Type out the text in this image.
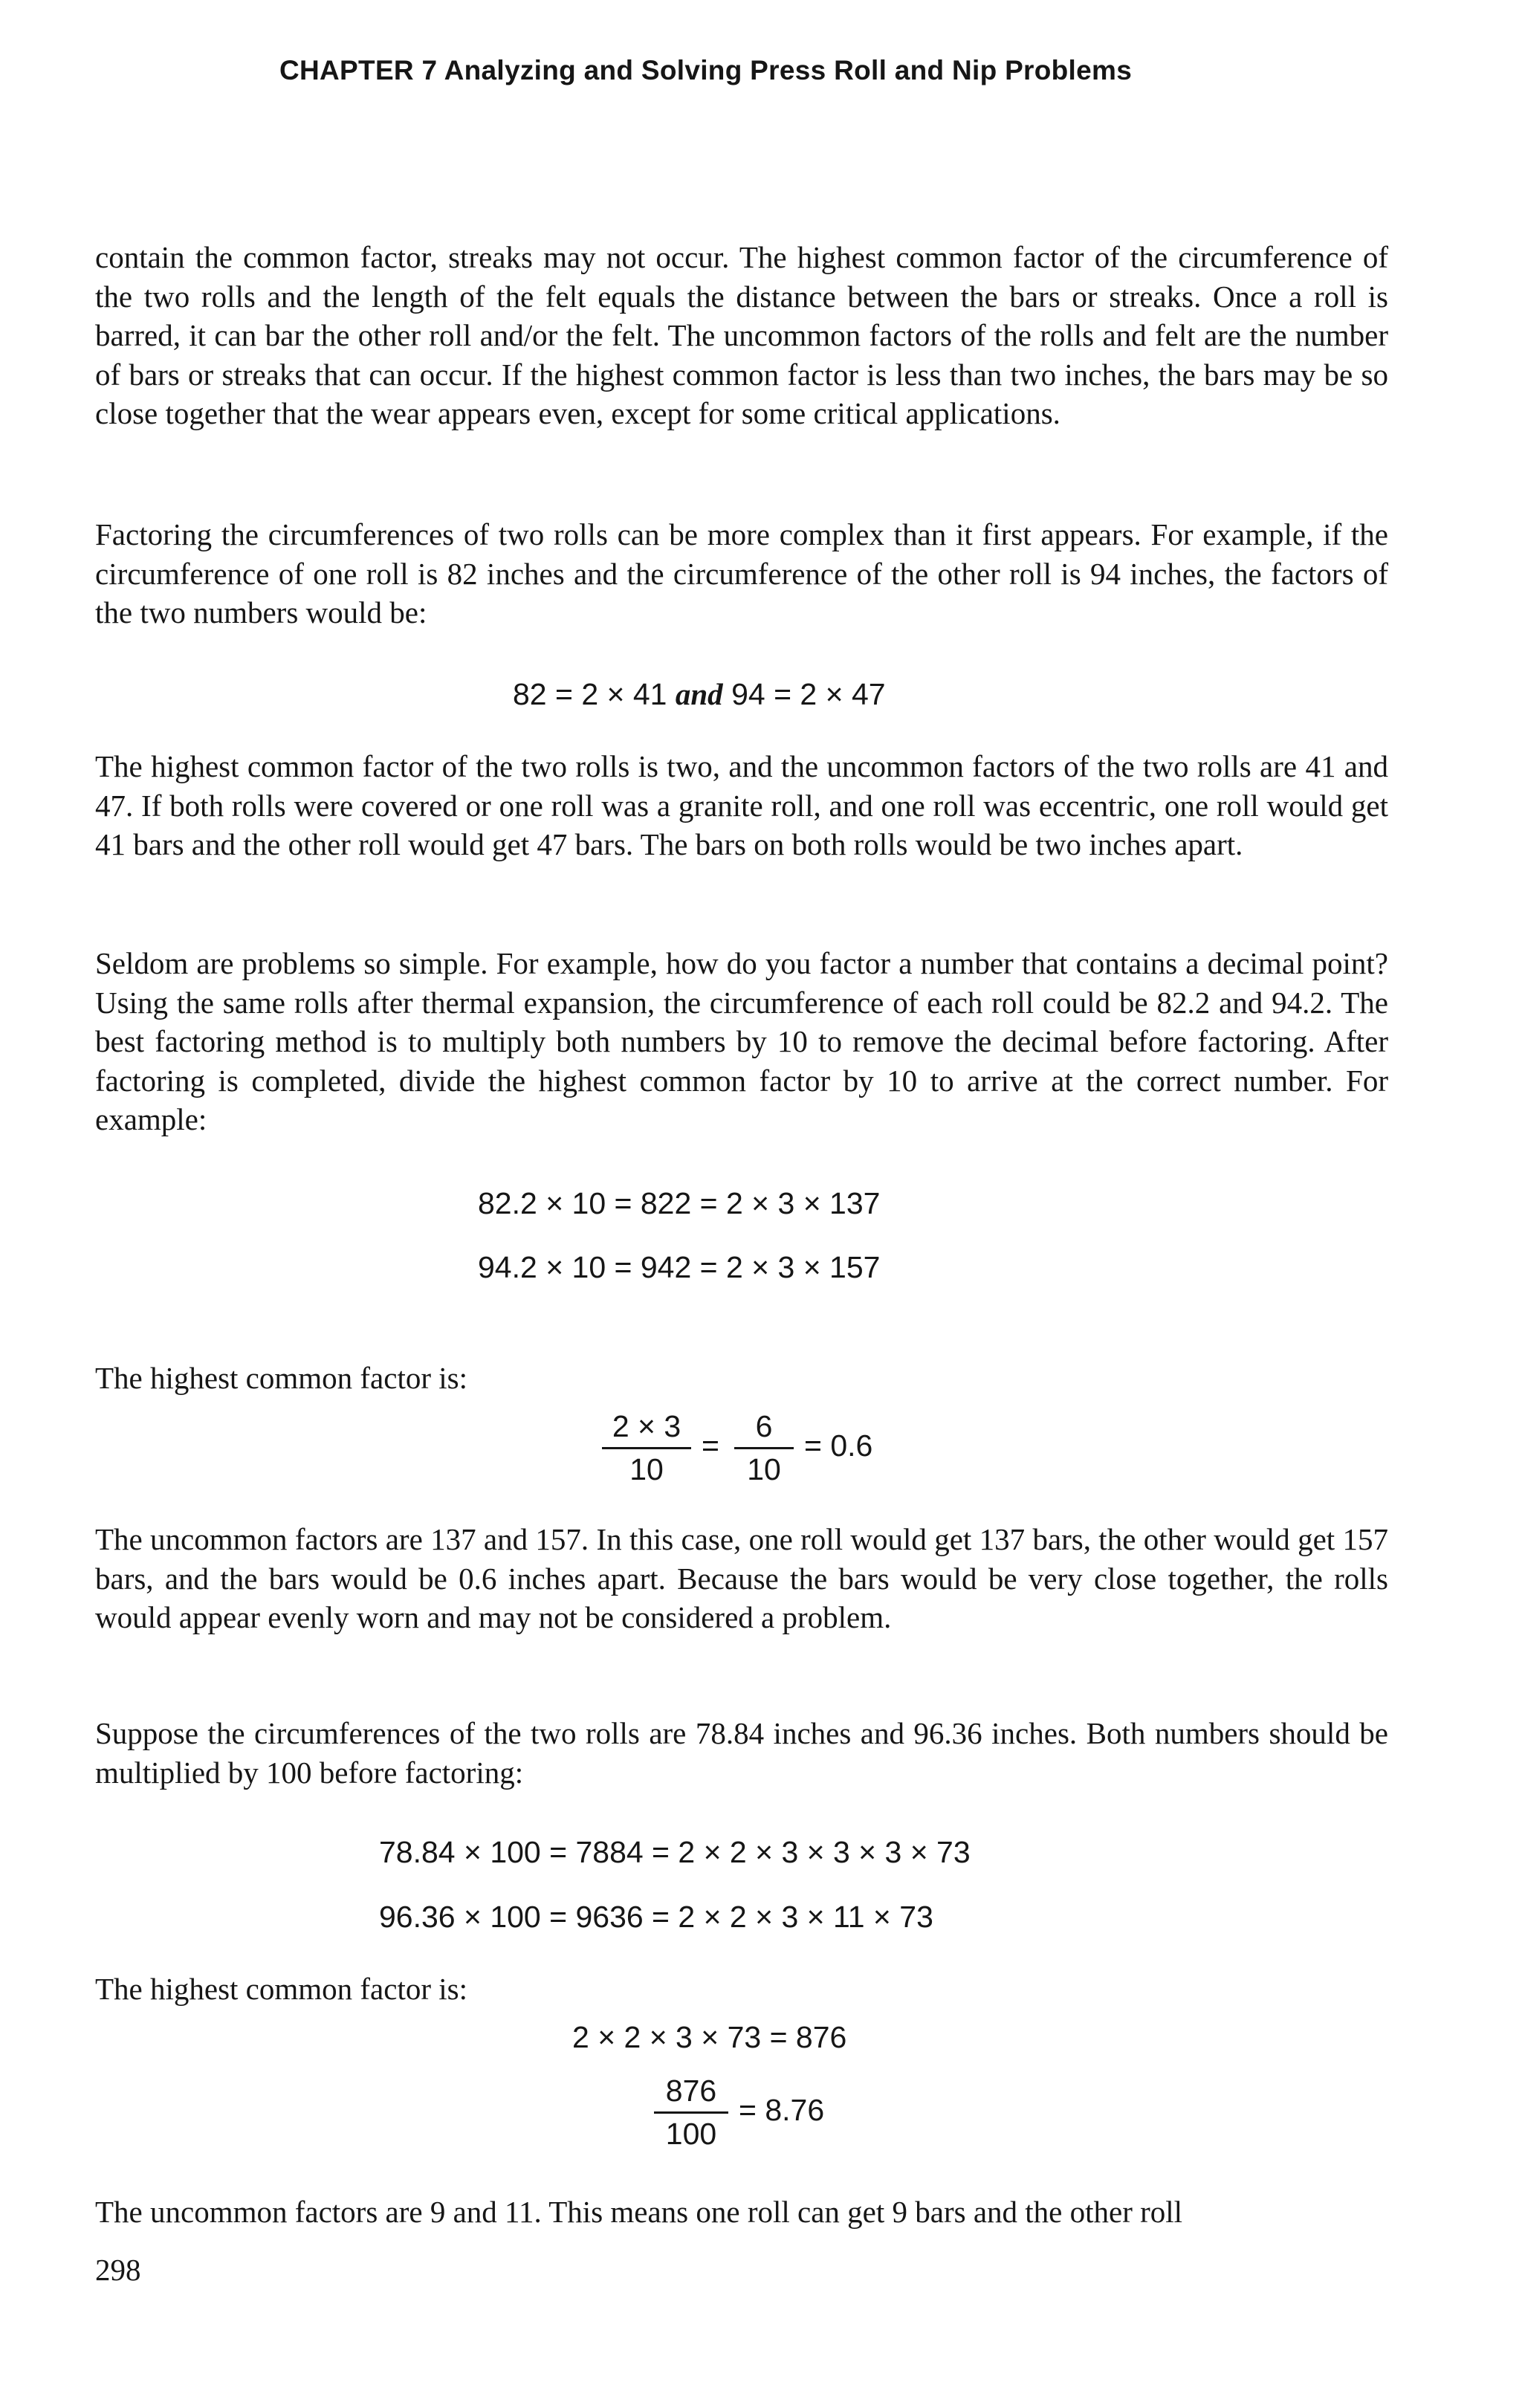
CHAPTER 7 Analyzing and Solving Press Roll and Nip Problems

contain the common factor, streaks may not occur. The highest common factor of the circumference of the two rolls and the length of the felt equals the distance between the bars or streaks. Once a roll is barred, it can bar the other roll and/or the felt. The uncommon factors of the rolls and felt are the number of bars or streaks that can occur. If the highest common factor is less than two inches, the bars may be so close together that the wear appears even, except for some critical applications.

Factoring the circumferences of two rolls can be more complex than it first appears. For example, if the circumference of one roll is 82 inches and the circumference of the other roll is 94 inches, the factors of the two numbers would be:

82 = 2 × 41 and 94 = 2 × 47

The highest common factor of the two rolls is two, and the uncommon factors of the two rolls are 41 and 47. If both rolls were covered or one roll was a granite roll, and one roll was eccentric, one roll would get 41 bars and the other roll would get 47 bars. The bars on both rolls would be two inches apart.

Seldom are problems so simple. For example, how do you factor a number that contains a decimal point? Using the same rolls after thermal expansion, the circumference of each roll could be 82.2 and 94.2. The best factoring method is to multiply both numbers by 10 to remove the decimal before factoring. After factoring is completed, divide the highest common factor by 10 to arrive at the correct number. For example:

82.2 × 10 = 822 = 2 × 3 × 137
94.2 × 10 = 942 = 2 × 3 × 157

The highest common factor is:

2 × 3
10
=
6
10
= 0.6

The uncommon factors are 137 and 157. In this case, one roll would get 137 bars, the other would get 157 bars, and the bars would be 0.6 inches apart. Because the bars would be very close together, the rolls would appear evenly worn and may not be considered a problem.

Suppose the circumferences of the two rolls are 78.84 inches and 96.36 inches. Both numbers should be multiplied by 100 before factoring:

78.84 × 100 = 7884 = 2 × 2 × 3 × 3 × 3 × 73
96.36 × 100 = 9636 = 2 × 2 × 3 × 11 × 73

The highest common factor is:

2 × 2 × 3 × 73 = 876
876
100
= 8.76

The uncommon factors are 9 and 11. This means one roll can get 9 bars and the other roll

298
